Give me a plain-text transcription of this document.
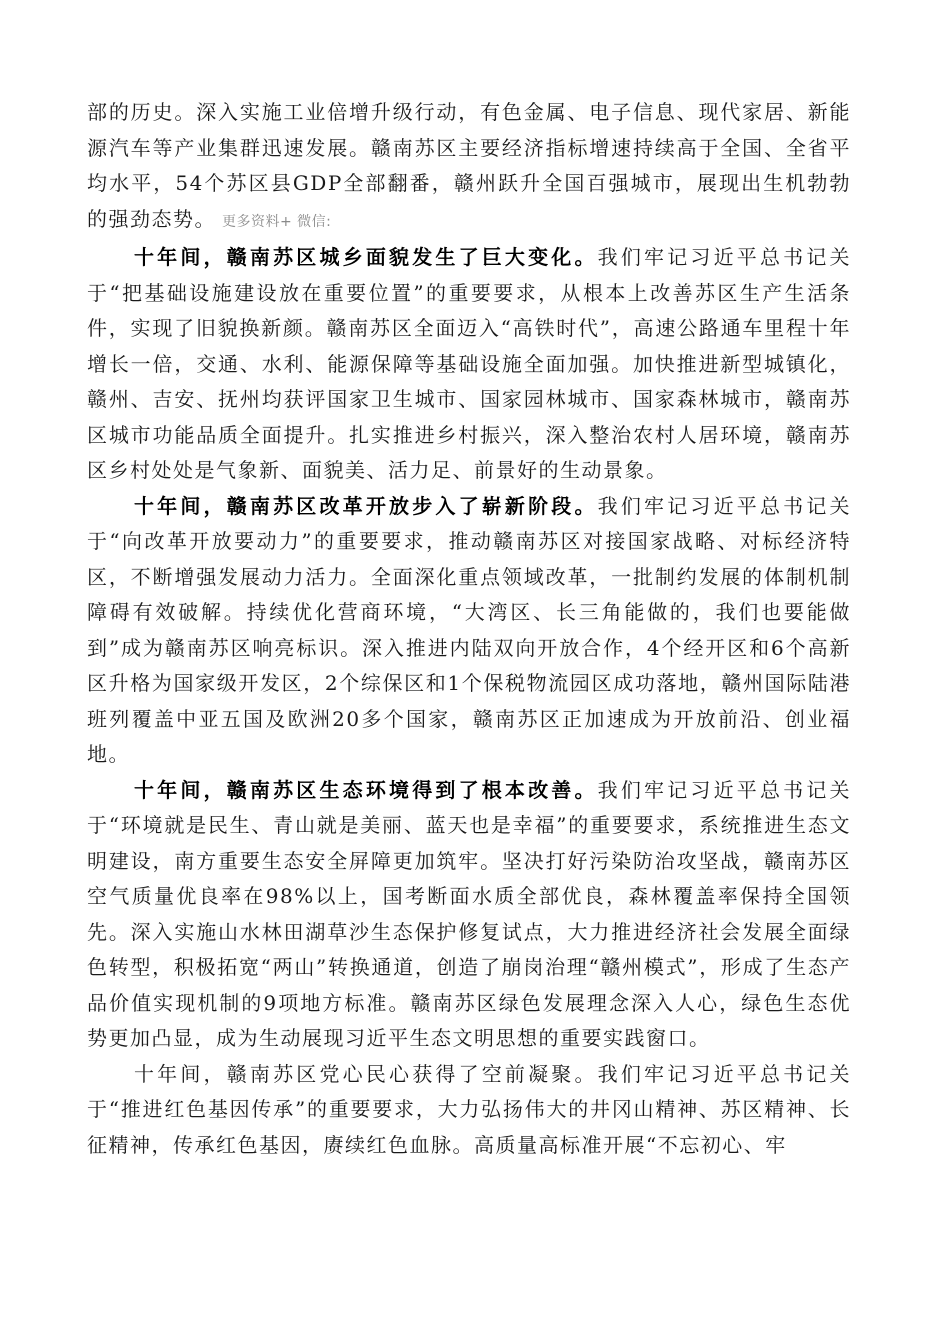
部的历史。深入实施工业倍增升级行动，有色金属、电子信息、现代家居、新能源汽车等产业集群迅速发展。赣南苏区主要经济指标增速持续高于全国、全省平均水平，54个苏区县GDP全部翻番，赣州跃升全国百强城市，展现出生机勃勃的强劲态势。 更多资料+ 微信:

十年间，赣南苏区城乡面貌发生了巨大变化。我们牢记习近平总书记关于“把基础设施建设放在重要位置”的重要要求，从根本上改善苏区生产生活条件，实现了旧貌换新颜。赣南苏区全面迈入“高铁时代”，高速公路通车里程十年增长一倍，交通、水利、能源保障等基础设施全面加强。加快推进新型城镇化，赣州、吉安、抚州均获评国家卫生城市、国家园林城市、国家森林城市，赣南苏区城市功能品质全面提升。扎实推进乡村振兴，深入整治农村人居环境，赣南苏区乡村处处是气象新、面貌美、活力足、前景好的生动景象。

十年间，赣南苏区改革开放步入了崭新阶段。我们牢记习近平总书记关于“向改革开放要动力”的重要要求，推动赣南苏区对接国家战略、对标经济特区，不断增强发展动力活力。全面深化重点领域改革，一批制约发展的体制机制障碍有效破解。持续优化营商环境，“大湾区、长三角能做的，我们也要能做到”成为赣南苏区响亮标识。深入推进内陆双向开放合作，4个经开区和6个高新区升格为国家级开发区，2个综保区和1个保税物流园区成功落地，赣州国际陆港班列覆盖中亚五国及欧洲20多个国家，赣南苏区正加速成为开放前沿、创业福地。

十年间，赣南苏区生态环境得到了根本改善。我们牢记习近平总书记关于“环境就是民生、青山就是美丽、蓝天也是幸福”的重要要求，系统推进生态文明建设，南方重要生态安全屏障更加筑牢。坚决打好污染防治攻坚战，赣南苏区空气质量优良率在98%以上，国考断面水质全部优良，森林覆盖率保持全国领先。深入实施山水林田湖草沙生态保护修复试点，大力推进经济社会发展全面绿色转型，积极拓宽“两山”转换通道，创造了崩岗治理“赣州模式”，形成了生态产品价值实现机制的9项地方标准。赣南苏区绿色发展理念深入人心，绿色生态优势更加凸显，成为生动展现习近平生态文明思想的重要实践窗口。

十年间，赣南苏区党心民心获得了空前凝聚。我们牢记习近平总书记关于“推进红色基因传承”的重要要求，大力弘扬伟大的井冈山精神、苏区精神、长征精神，传承红色基因，赓续红色血脉。高质量高标准开展“不忘初心、牢
